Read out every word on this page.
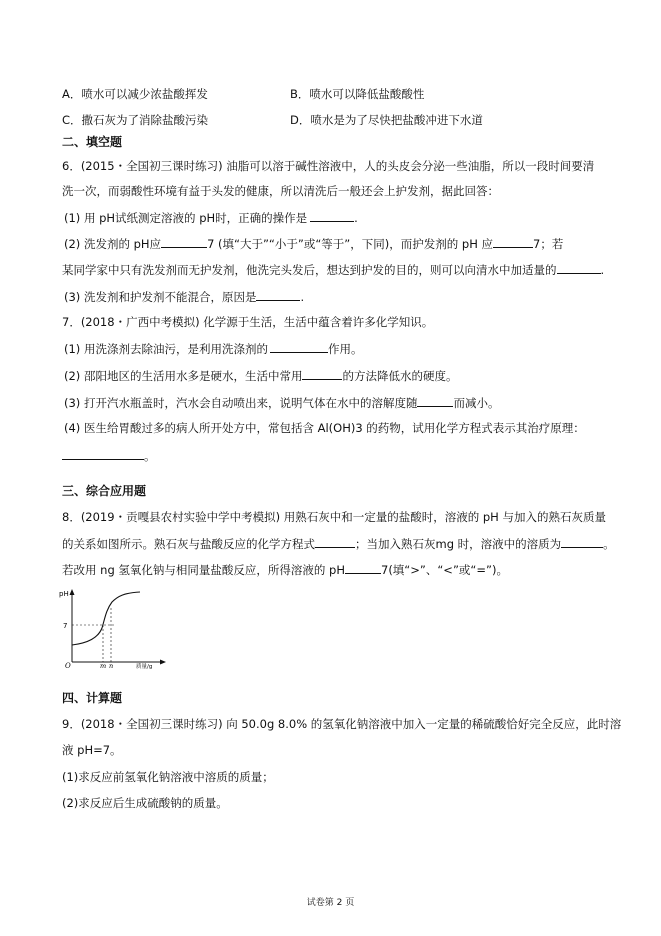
A．喷水可以减少浓盐酸挥发	B．喷水可以降低盐酸酸性
C．撒石灰为了消除盐酸污染	D．喷水是为了尽快把盐酸冲进下水道
二、填空题
6．(2015・全国初三课时练习) 油脂可以溶于碱性溶液中，人的头皮会分泌一些油脂，所以一段时间要清
洗一次，而弱酸性环境有益于头发的健康，所以清洗后一般还会上护发剂，据此回答：
(1) 用 pH试纸测定溶液的 pH时，正确的操作是	.
(2) 洗发剂的 pH应	7 (填“大于”“小于”或“等于”，下同)，而护发剂的 pH 应	7；若
某同学家中只有洗发剂而无护发剂，他洗完头发后，想达到护发的目的，则可以向清水中加适量的	.
(3) 洗发剂和护发剂不能混合，原因是	.
7．(2018・广西中考模拟) 化学源于生活，生活中蕴含着许多化学知识。
(1) 用洗涤剂去除油污，是利用洗涤剂的	作用。
(2) 邵阳地区的生活用水多是硬水，生活中常用	的方法降低水的硬度。
(3) 打开汽水瓶盖时，汽水会自动喷出来，说明气体在水中的溶解度随	而减小。
(4) 医生给胃酸过多的病人所开处方中，常包括含 Al(OH)3 的药物，试用化学方程式表示其治疗原理：
。
三、综合应用题
8．(2019・贡嘎县农村实验中学中考模拟) 用熟石灰中和一定量的盐酸时，溶液的 pH 与加入的熟石灰质量
的关系如图所示。熟石灰与盐酸反应的化学方程式	；当加入熟石灰mg 时，溶液中的溶质为	。
若改用 ng 氢氧化钠与相同量盐酸反应，所得溶液的 pH	7(填“>”、“<”或“=”)。
pH
7
O	m n	质量/g
四、计算题
9．(2018・全国初三课时练习) 向 50.0g 8.0% 的氢氧化钠溶液中加入一定量的稀硫酸恰好完全反应，此时溶
液 pH=7。
(1)求反应前氢氧化钠溶液中溶质的质量；
(2)求反应后生成硫酸钠的质量。
试卷第 2 页
